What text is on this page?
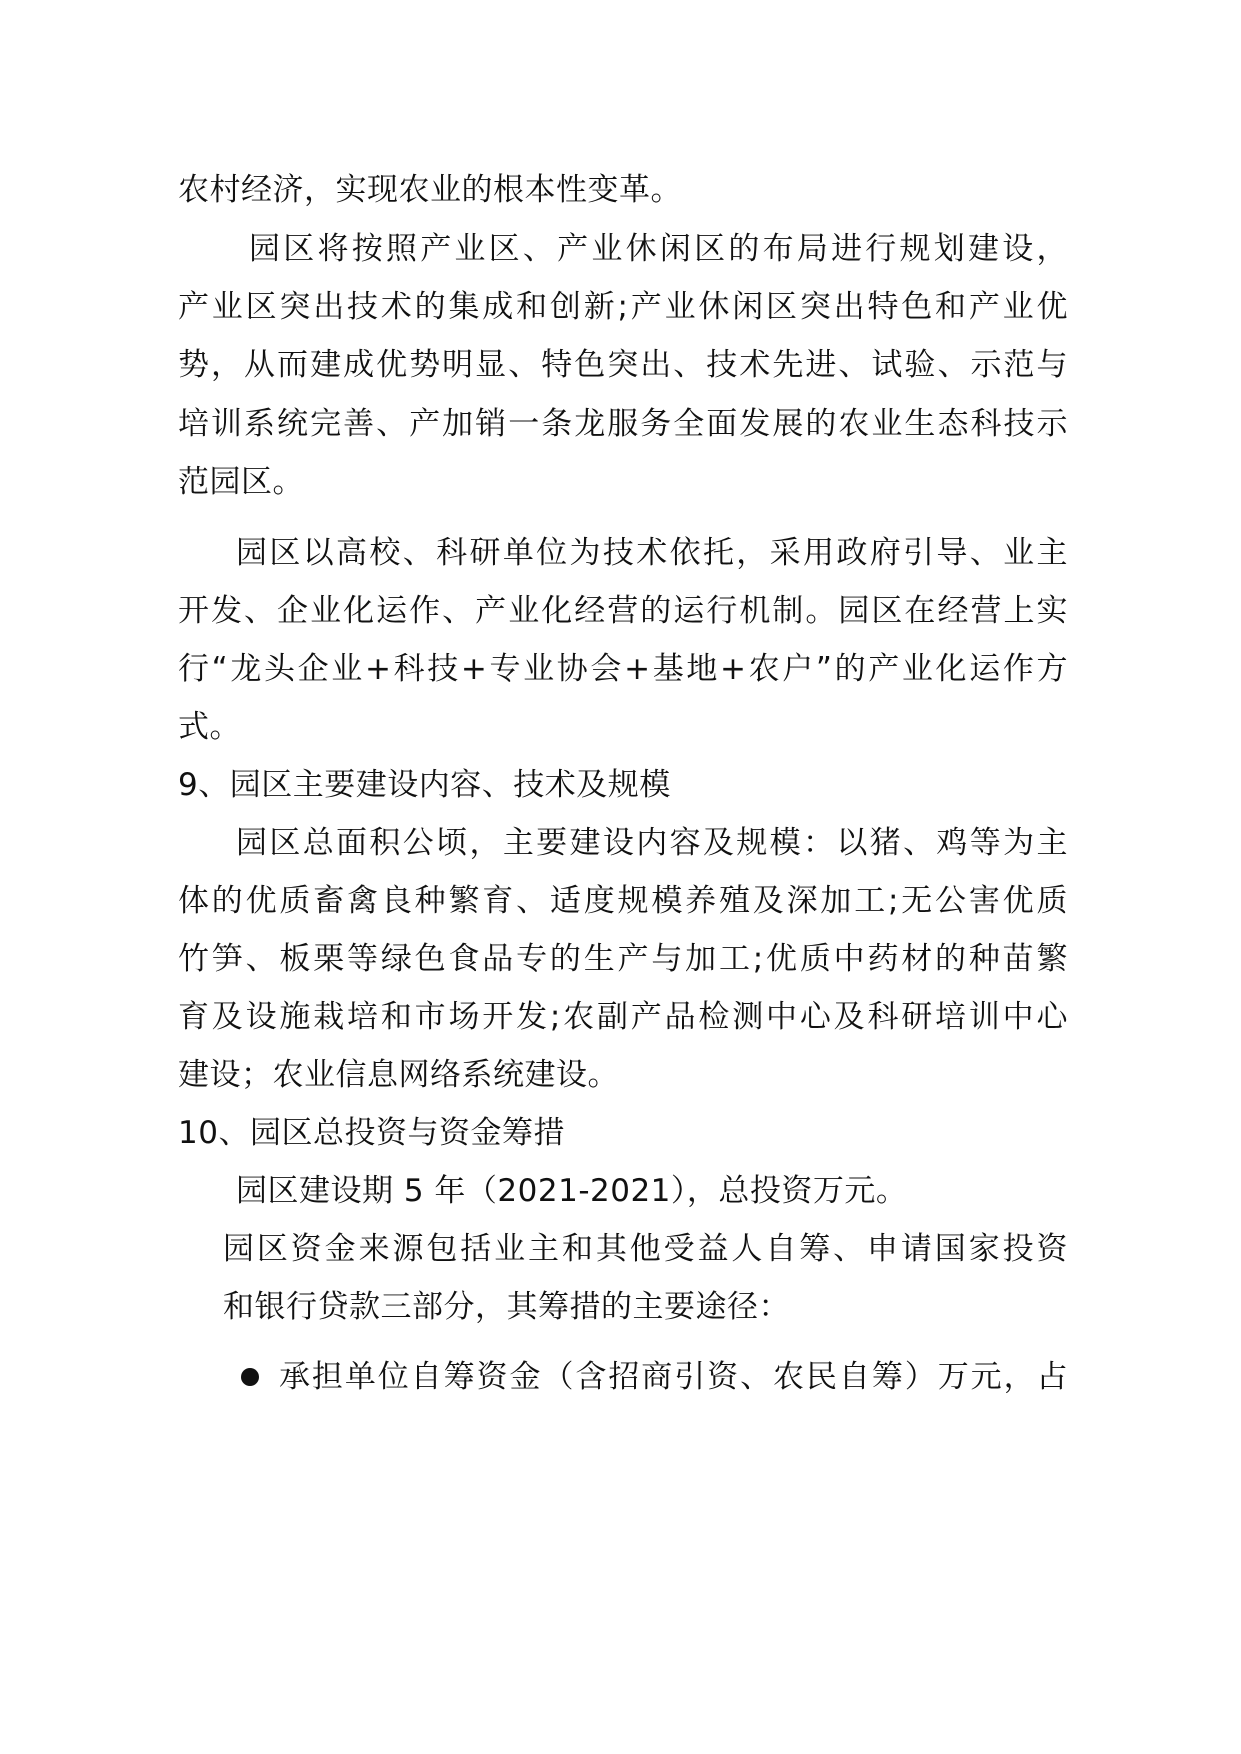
农村经济，实现农业的根本性变革。
园区将按照产业区、产业休闲区的布局进行规划建设，
产业区突出技术的集成和创新;产业休闲区突出特色和产业优
势，从而建成优势明显、特色突出、技术先进、试验、示范与
培训系统完善、产加销一条龙服务全面发展的农业生态科技示
范园区。
园区以高校、科研单位为技术依托，采用政府引导、业主
开发、企业化运作、产业化经营的运行机制。园区在经营上实
行“龙头企业+科技+专业协会+基地+农户”的产业化运作方
式。
9、园区主要建设内容、技术及规模
园区总面积公顷，主要建设内容及规模：以猪、鸡等为主
体的优质畜禽良种繁育、适度规模养殖及深加工;无公害优质
竹笋、板栗等绿色食品专的生产与加工;优质中药材的种苗繁
育及设施栽培和市场开发;农副产品检测中心及科研培训中心
建设；农业信息网络系统建设。
10、园区总投资与资金筹措
园区建设期 5 年（2021-2021），总投资万元。
园区资金来源包括业主和其他受益人自筹、申请国家投资
和银行贷款三部分，其筹措的主要途径：
承担单位自筹资金（含招商引资、农民自筹）万元，占
